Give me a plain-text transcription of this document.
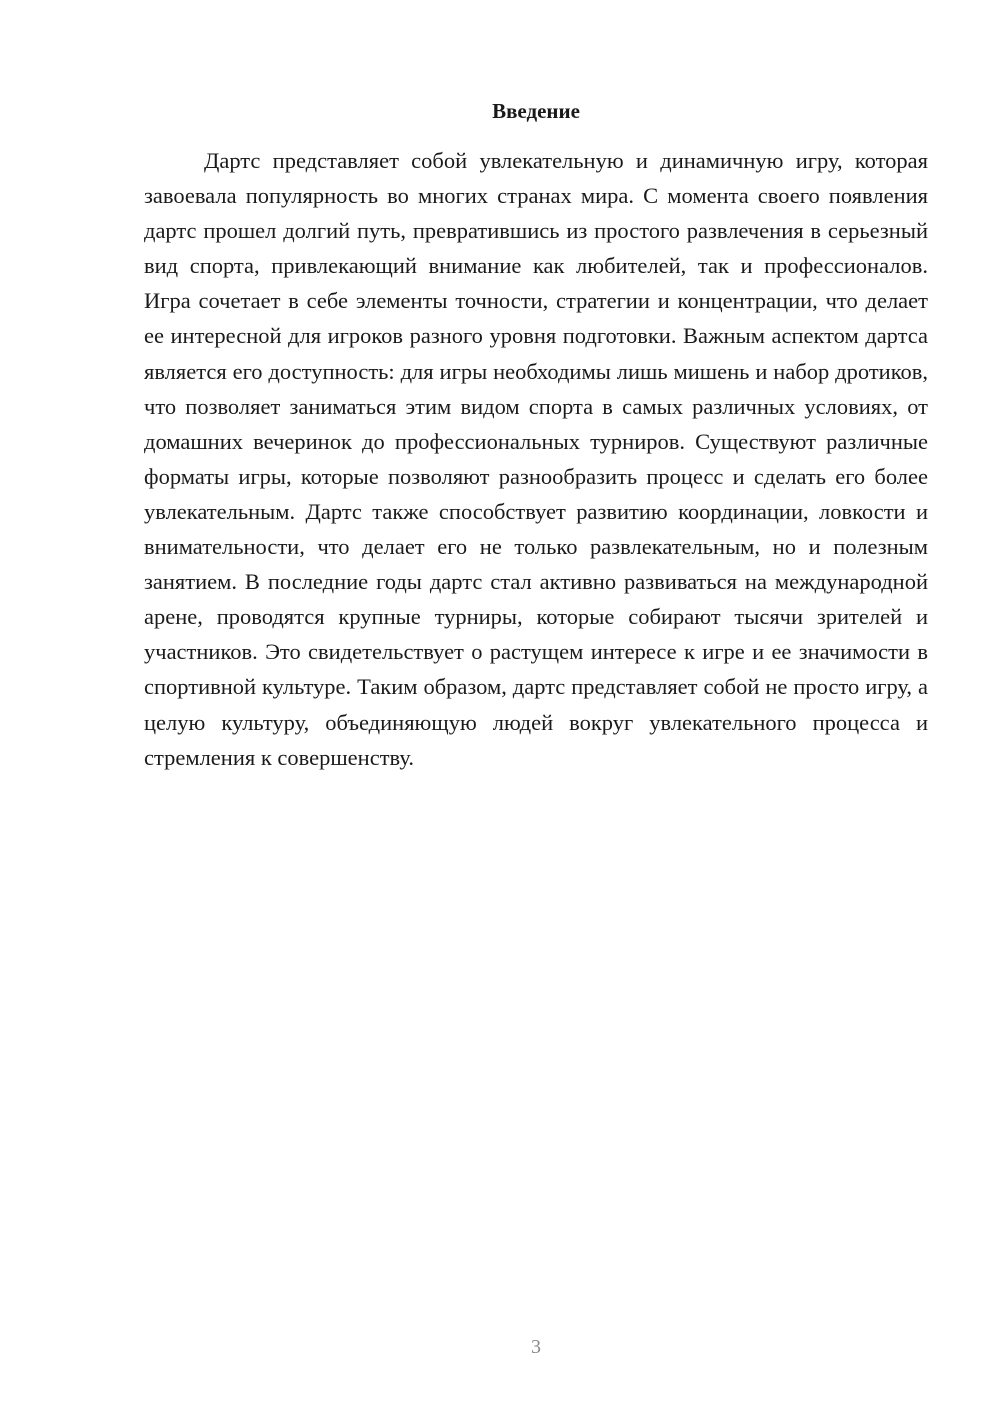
Введение

Дартс представляет собой увлекательную и динамичную игру, которая завоевала популярность во многих странах мира. С момента своего появления дартс прошел долгий путь, превратившись из простого развлечения в серьезный вид спорта, привлекающий внимание как любителей, так и профессионалов. Игра сочетает в себе элементы точности, стратегии и концентрации, что делает ее интересной для игроков разного уровня подготовки. Важным аспектом дартса является его доступность: для игры необходимы лишь мишень и набор дротиков, что позволяет заниматься этим видом спорта в самых различных условиях, от домашних вечеринок до профессиональных турниров. Существуют различные форматы игры, которые позволяют разнообразить процесс и сделать его более увлекательным. Дартс также способствует развитию координации, ловкости и внимательности, что делает его не только развлекательным, но и полезным занятием. В последние годы дартс стал активно развиваться на международной арене, проводятся крупные турниры, которые собирают тысячи зрителей и участников. Это свидетельствует о растущем интересе к игре и ее значимости в спортивной культуре. Таким образом, дартс представляет собой не просто игру, а целую культуру, объединяющую людей вокруг увлекательного процесса и стремления к совершенству.

3
